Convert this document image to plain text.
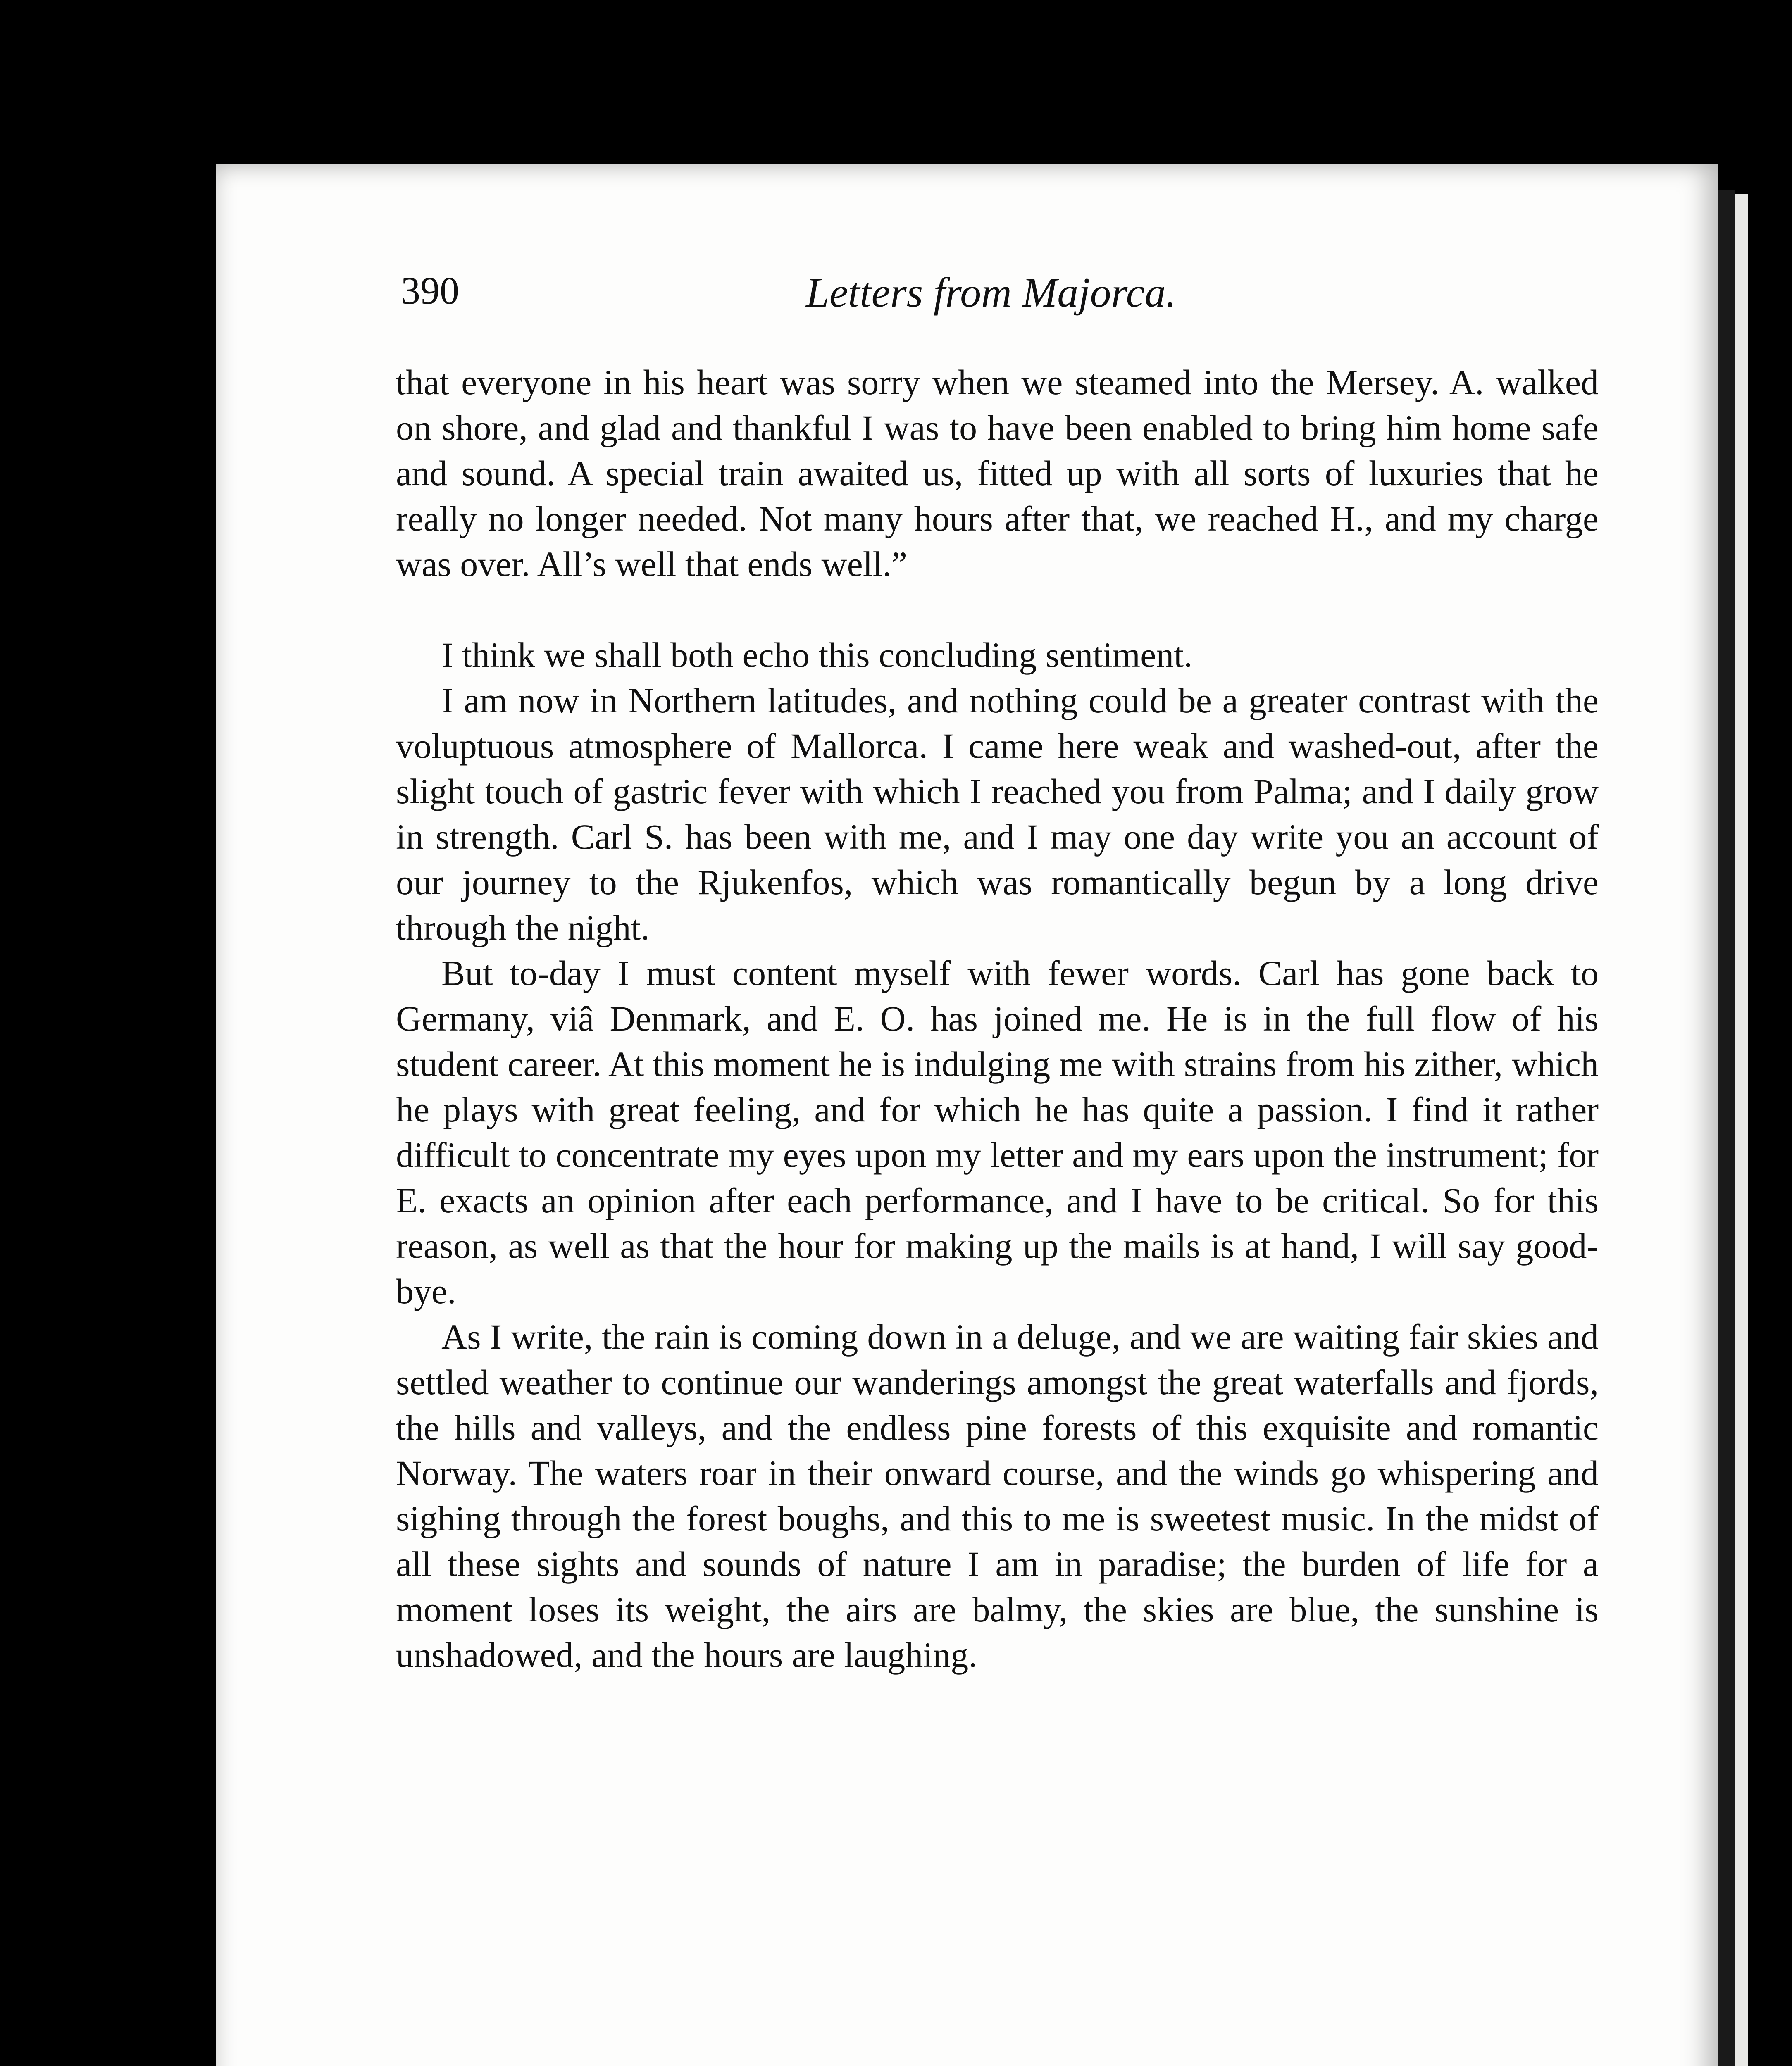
390	Letters from Majorca.

that everyone in his heart was sorry when we steamed into the Mersey. A. walked on shore, and glad and thankful I was to have been enabled to bring him home safe and sound. A special train awaited us, fitted up with all sorts of luxuries that he really no longer needed. Not many hours after that, we reached H., and my charge was over. All’s well that ends well.”

I think we shall both echo this concluding sentiment.

I am now in Northern latitudes, and nothing could be a greater contrast with the voluptuous atmosphere of Mallorca. I came here weak and washed-out, after the slight touch of gastric fever with which I reached you from Palma; and I daily grow in strength. Carl S. has been with me, and I may one day write you an account of our journey to the Rjukenfos, which was romantically begun by a long drive through the night.

But to-day I must content myself with fewer words. Carl has gone back to Germany, viâ Denmark, and E. O. has joined me. He is in the full flow of his student career. At this moment he is indulging me with strains from his zither, which he plays with great feeling, and for which he has quite a passion. I find it rather difficult to concentrate my eyes upon my letter and my ears upon the instrument; for E. exacts an opinion after each performance, and I have to be critical. So for this reason, as well as that the hour for making up the mails is at hand, I will say good-bye.

As I write, the rain is coming down in a deluge, and we are waiting fair skies and settled weather to continue our wanderings amongst the great waterfalls and fjords, the hills and valleys, and the endless pine forests of this exquisite and romantic Norway. The waters roar in their onward course, and the winds go whispering and sighing through the forest boughs, and this to me is sweetest music. In the midst of all these sights and sounds of nature I am in paradise; the burden of life for a moment loses its weight, the airs are balmy, the skies are blue, the sunshine is unshadowed, and the hours are laughing.
